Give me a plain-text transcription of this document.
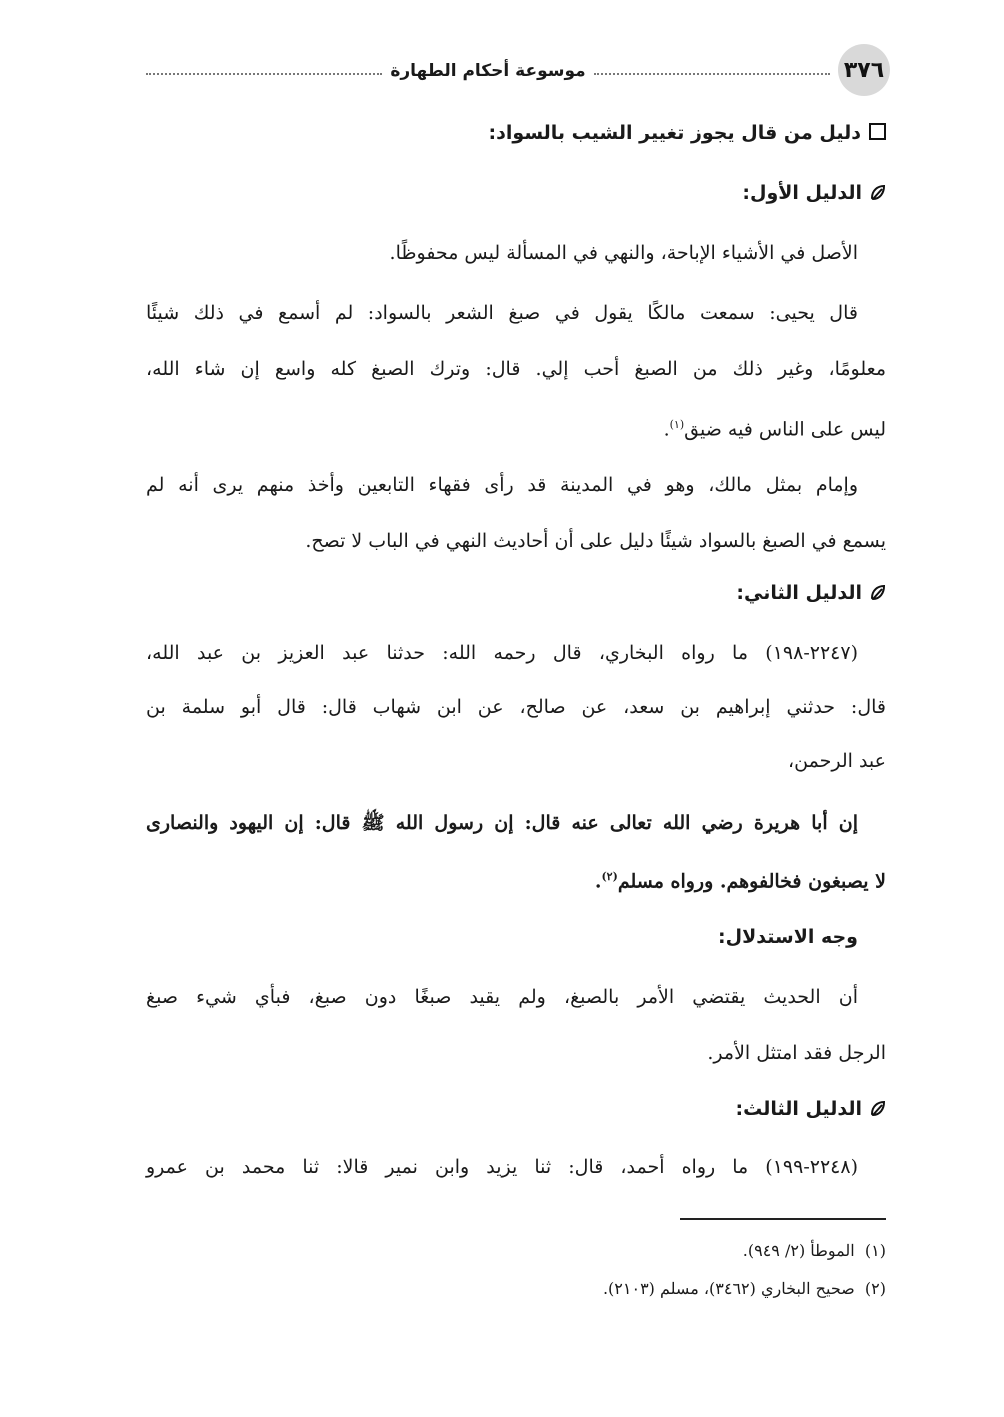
٣٧٦
موسوعة أحكام الطهارة
دليل من قال يجوز تغيير الشيب بالسواد:
الدليل الأول:
الأصل في الأشياء الإباحة، والنهي في المسألة ليس محفوظًا.
قال يحيى: سمعت مالكًا يقول في صبغ الشعر بالسواد: لم أسمع في ذلك شيئًا
معلومًا، وغير ذلك من الصبغ أحب إلي. قال: وترك الصبغ كله واسع إن شاء الله،
ليس على الناس فيه ضيق$^{(١)}$.
وإمام بمثل مالك، وهو في المدينة قد رأى فقهاء التابعين وأخذ منهم يرى أنه لم
يسمع في الصبغ بالسواد شيئًا دليل على أن أحاديث النهي في الباب لا تصح.
الدليل الثاني:
(٢٢٤٧-١٩٨) ما رواه البخاري، قال رحمه الله: حدثنا عبد العزيز بن عبد الله،
قال: حدثني إبراهيم بن سعد، عن صالح، عن ابن شهاب قال: قال أبو سلمة بن
عبد الرحمن،
إن أبا هريرة رضي الله تعالى عنه قال: إن رسول الله ﷺ قال: إن اليهود والنصارى
لا يصبغون فخالفوهم. ورواه مسلم$^{(٢)}$.
وجه الاستدلال:
أن الحديث يقتضي الأمر بالصبغ، ولم يقيد صبغًا دون صبغ، فبأي شيء صبغ
الرجل فقد امتثل الأمر.
الدليل الثالث:
(٢٢٤٨-١٩٩) ما رواه أحمد، قال: ثنا يزيد وابن نمير قالا: ثنا محمد بن عمرو
(١)  الموطأ (٢/ ٩٤٩).
(٢)  صحيح البخاري (٣٤٦٢)، مسلم (٢١٠٣).
